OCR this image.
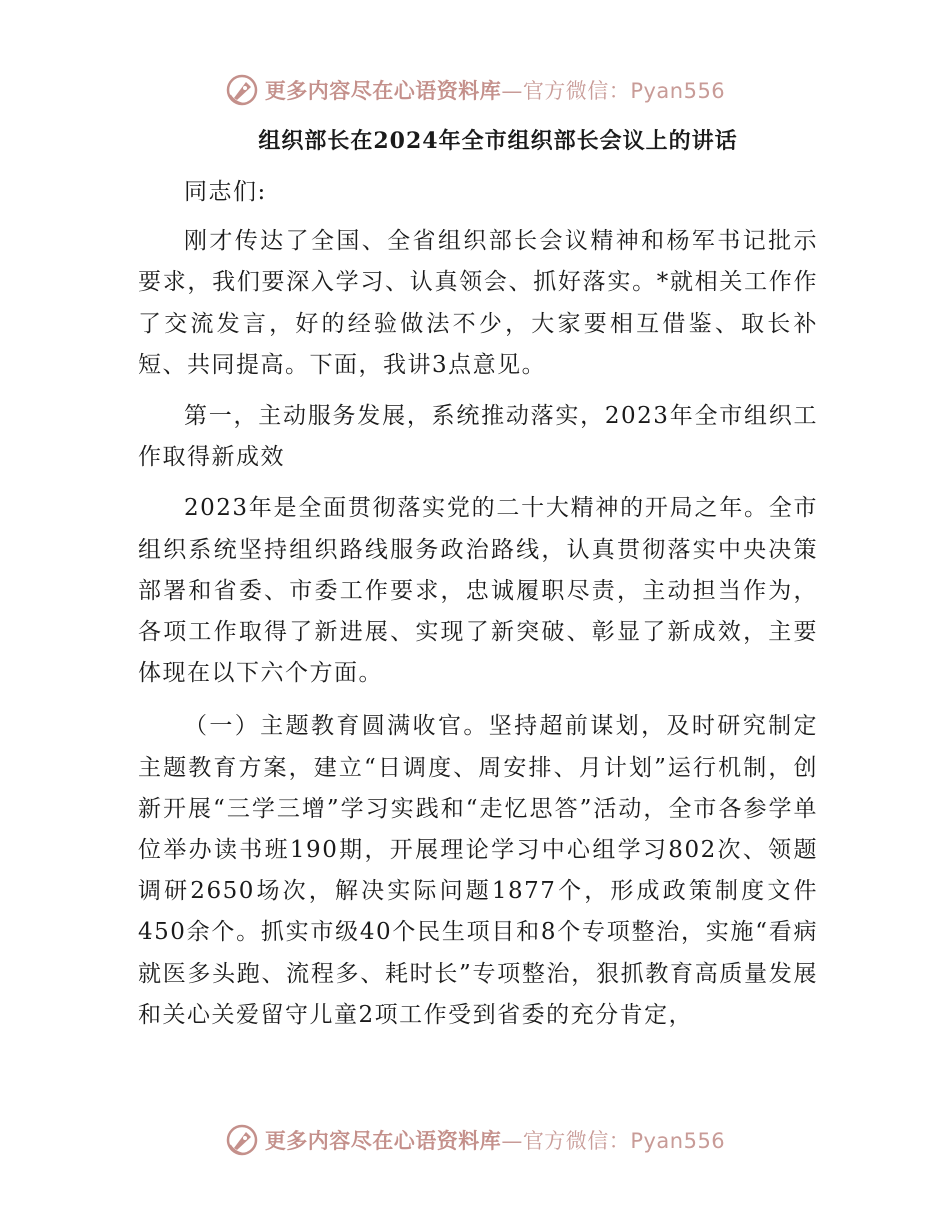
更多内容尽在心语资料库—官方微信：Pyan556
组织部长在2024年全市组织部长会议上的讲话

同志们:

刚才传达了全国、全省组织部长会议精神和杨军书记批示要求，我们要深入学习、认真领会、抓好落实。*就相关工作作了交流发言，好的经验做法不少，大家要相互借鉴、取长补短、共同提高。下面，我讲3点意见。

第一，主动服务发展，系统推动落实，2023年全市组织工作取得新成效

2023年是全面贯彻落实党的二十大精神的开局之年。全市组织系统坚持组织路线服务政治路线，认真贯彻落实中央决策部署和省委、市委工作要求，忠诚履职尽责，主动担当作为，各项工作取得了新进展、实现了新突破、彰显了新成效，主要体现在以下六个方面。

（一）主题教育圆满收官。坚持超前谋划，及时研究制定主题教育方案，建立“日调度、周安排、月计划”运行机制，创新开展“三学三增”学习实践和“走忆思答”活动，全市各参学单位举办读书班190期，开展理论学习中心组学习802次、领题调研2650场次，解决实际问题1877个，形成政策制度文件450余个。抓实市级40个民生项目和8个专项整治，实施“看病就医多头跑、流程多、耗时长”专项整治，狠抓教育高质量发展和关心关爱留守儿童2项工作受到省委的充分肯定，

更多内容尽在心语资料库—官方微信：Pyan556
